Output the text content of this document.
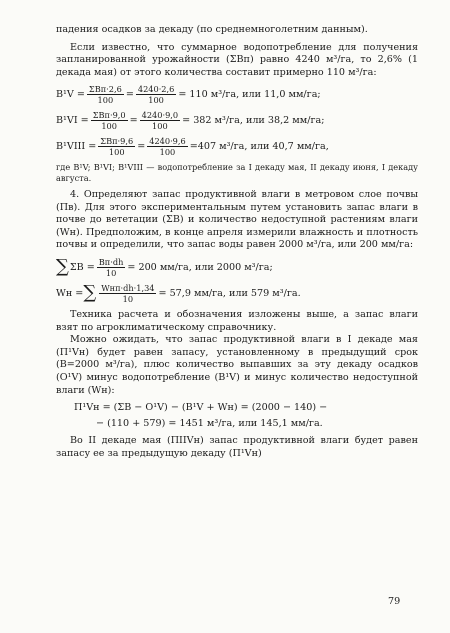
падения осадков за декаду (по среднемноголетним данным).

Если известно, что суммарное водопотребление для получения запланированной урожайности (ΣВп) равно 4240 м³/га, то 2,6% (1 декада мая) от этого количества составит примерно 110 м³/га:

$В^1V = \frac{\text{ΣВп·2,6}}{100} = \frac{4240\cdot 2,6}{100} = 110$ м³/га, или 11,0 мм/га;
$В^1VI = \frac{\text{ΣВп·9,0}}{100} = \frac{4240\cdot 9,0}{100} = 382$ м³/га, или 38,2 мм/га;
В¹VIII = $\frac{\text{ΣВп·9,6}}{100} = \frac{4240\cdot 9,6}{100} =407$ м³/га, или 40,7 мм/га,

где В¹V; В¹VI; В¹VIII — водопотребление за I декаду мая, II декаду июня, I декаду августа.

4. Определяют запас продуктивной влаги в метровом слое почвы (Пв). Для этого экспериментальным путем установить запас влаги в почве до вететации (ΣВ) и количество недоступной растениям влаги (Wн). Предположим, в конце апреля измерили влажность и плотность почвы и определили, что запас воды равен 2000 м³/га, или 200 мм/га:

∑ $\Sigma В = \frac{Вп\cdot dh}{10} = 200$ мм/га, или 2000 м³/га;
Wн = ∑ $\frac{\text{Wнп·dh·1,34}}{10} = 57,9$ мм/га, или 579 м³/га.

Техника расчета и обозначения изложены выше, а запас влаги взят по агроклиматическому справочнику.

Можно ожидать, что запас продуктивной влаги в I декаде мая (П¹Vн) будет равен запасу, установленному в предыдущий срок (В=2000 м³/га), плюс количество выпавших за эту декаду осадков (О¹V) минус водопотребление (В¹V) и минус количество недоступной влаги (Wн):

П¹Vн = (ΣВ − О¹V) − (В¹V + Wн) = (2000 − 140) −
− (110 + 579) = 1451 м³/га, или 145,1 мм/га.

Во II декаде мая (ПIIVн) запас продуктивной влаги будет равен запасу ее за предыдущую декаду (П¹Vн)

79
